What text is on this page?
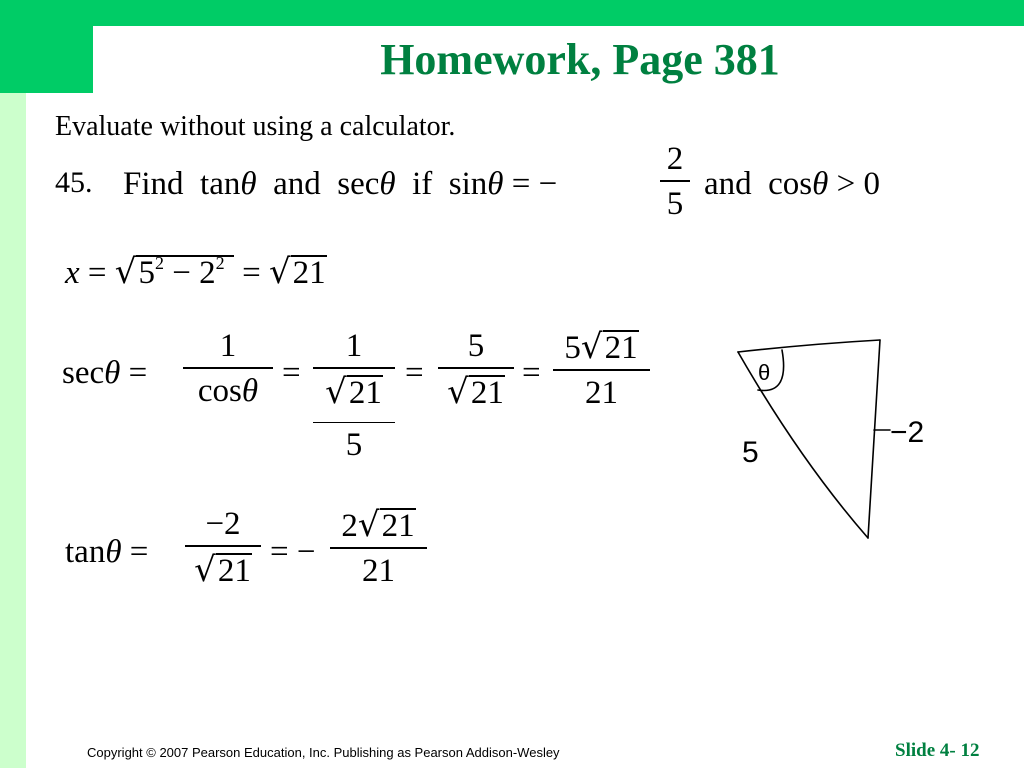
Homework, Page 381
Evaluate without using a calculator.
45. Find tanθ and secθ if sinθ = −
2
5
and cosθ > 0
$x = √5^2 - 2^2 = √21$
secθ =
1
cosθ =
1
√21
5
=
5
√21
=
5√21
21
tanθ =
−2
√21
= −
2√21
21
θ
5
−2
Copyright © 2007 Pearson Education, Inc. Publishing as Pearson Addison-Wesley	Slide 4- 12
